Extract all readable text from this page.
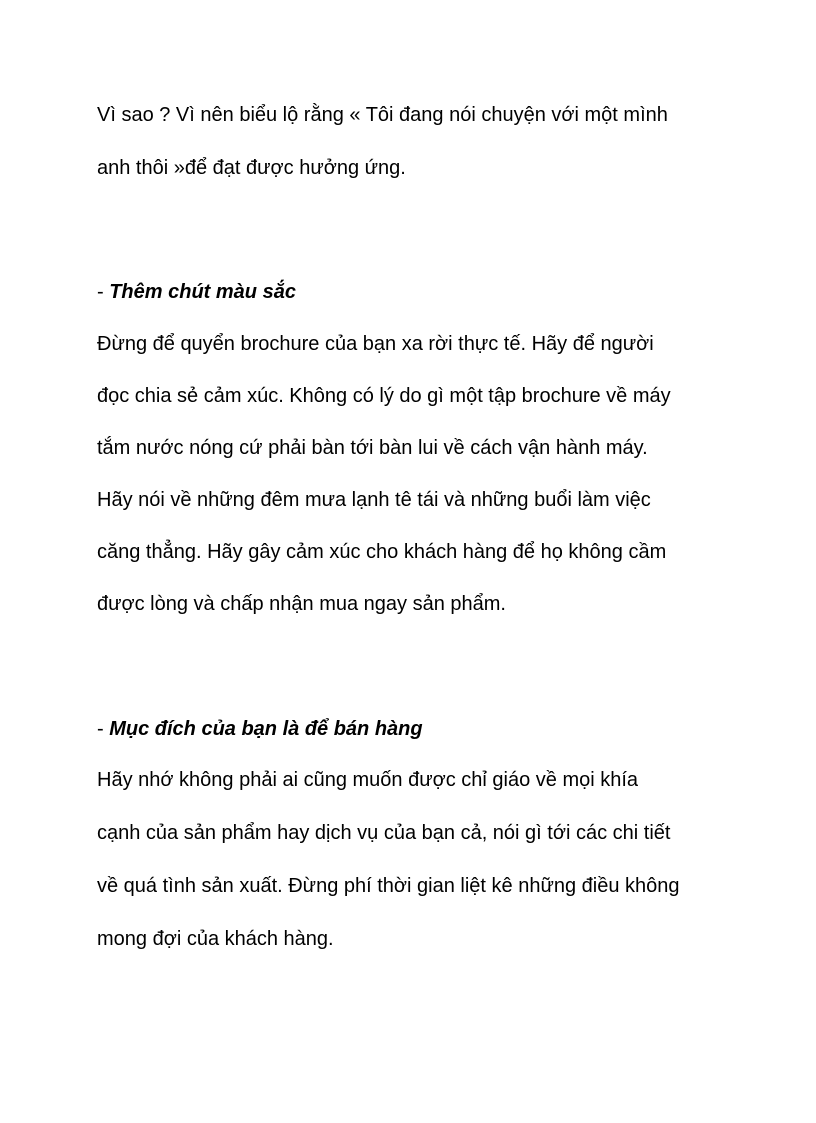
Vì sao ? Vì nên biểu lộ rằng « Tôi đang nói chuyện với một mình

anh thôi »để đạt được hưởng ứng.

- Thêm chút màu sắc

Đừng để quyển brochure của bạn xa rời thực tế. Hãy để người

đọc chia sẻ cảm xúc. Không có lý do gì một tập brochure về máy

tắm nước nóng cứ phải bàn tới bàn lui về cách vận hành máy.

Hãy nói về những đêm mưa lạnh tê tái và những buổi làm việc

căng thẳng. Hãy gây cảm xúc cho khách hàng để họ không cầm

được lòng và chấp nhận mua ngay sản phẩm.

- Mục đích của bạn là để bán hàng

Hãy nhớ không phải ai cũng muốn được chỉ giáo về mọi khía

cạnh của sản phẩm hay dịch vụ của bạn cả, nói gì tới các chi tiết

về quá tình sản xuất. Đừng phí thời gian liệt kê những điều không

mong đợi của khách hàng.
